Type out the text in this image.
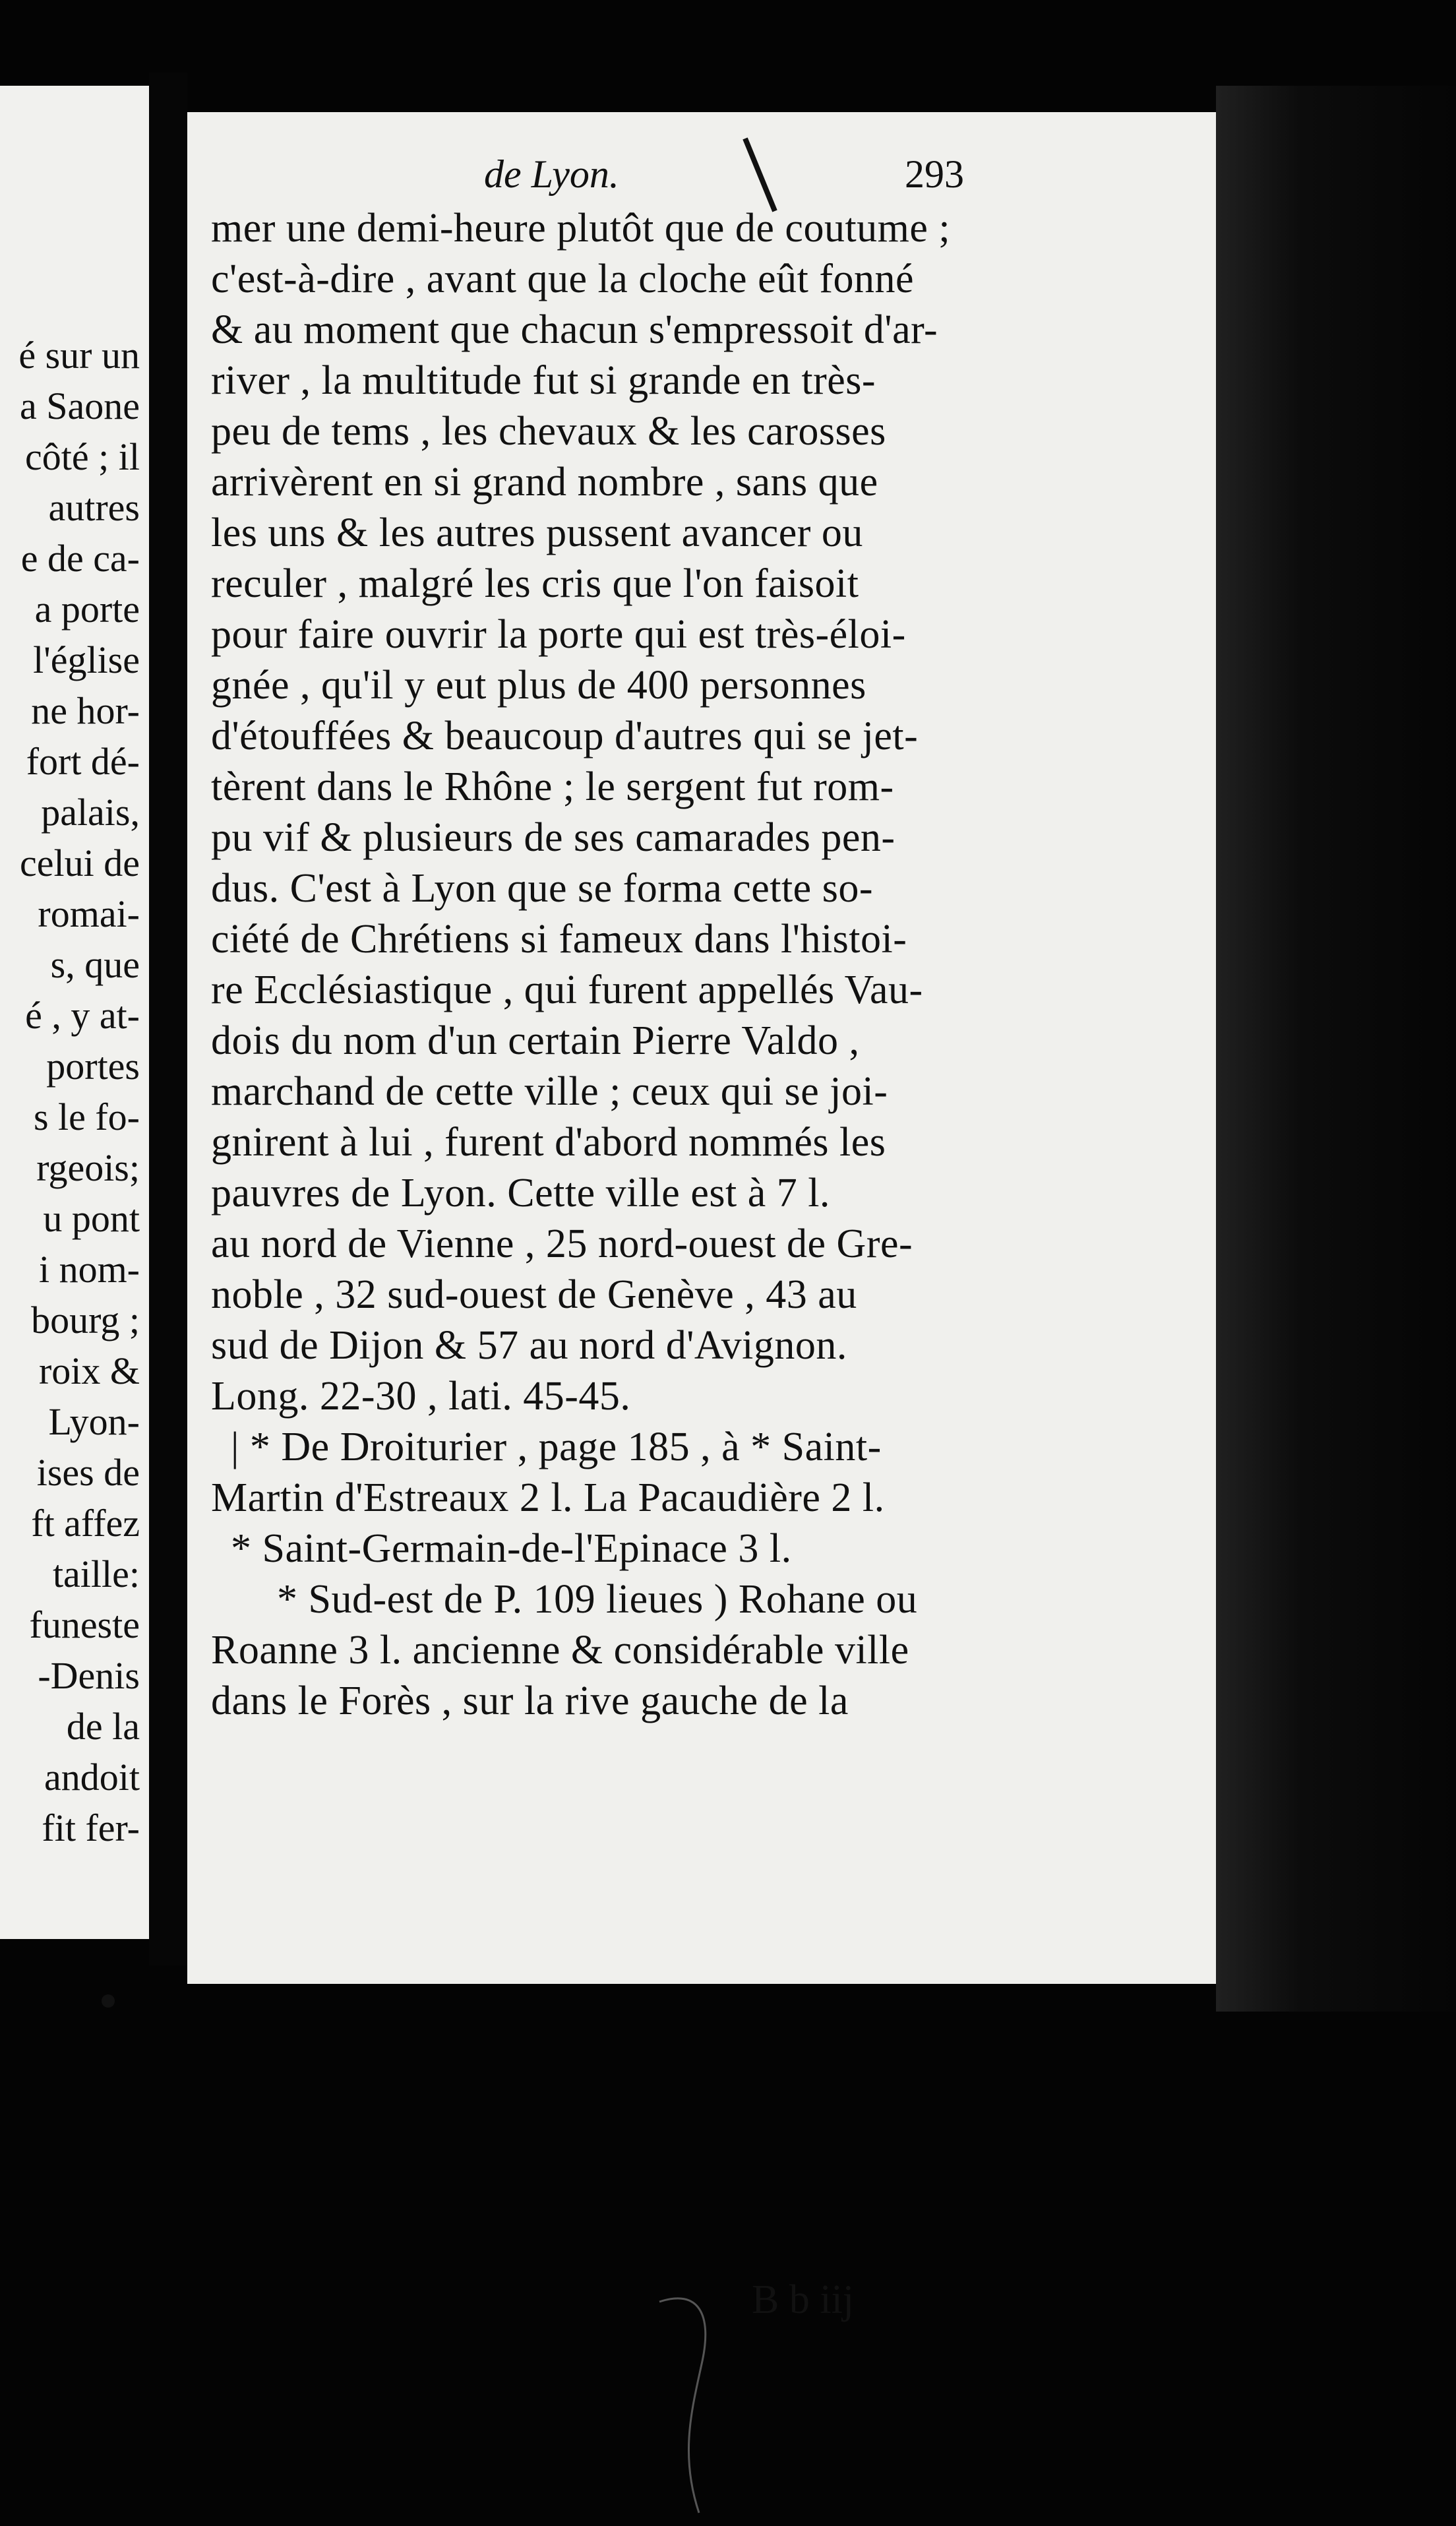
é sur un
a Saone
côté ; il
autres
e de ca-
a porte
l'église
ne hor-
fort dé-
palais,
celui de
romai-
s, que
é , y at-
portes
s le fo-
rgeois;
u pont
i nom-
bourg ;
roix &
Lyon-
ises de
ft affez
taille:
funeste
-Denis
de la
andoit
fit fer-
de Lyon.	293
mer une demi-heure plutôt que de coutume ;
c'est-à-dire , avant que la cloche eût fonné
& au moment que chacun s'empressoit d'ar-
river , la multitude fut si grande en très-
peu de tems , les chevaux & les carosses
arrivèrent en si grand nombre , sans que
les uns & les autres pussent avancer ou
reculer , malgré les cris que l'on faisoit
pour faire ouvrir la porte qui est très-éloi-
gnée , qu'il y eut plus de 400 personnes
d'étouffées & beaucoup d'autres qui se jet-
tèrent dans le Rhône ; le sergent fut rom-
pu vif & plusieurs de ses camarades pen-
dus. C'est à Lyon que se forma cette so-
ciété de Chrétiens si fameux dans l'histoi-
re Ecclésiastique , qui furent appellés Vau-
dois du nom d'un certain Pierre Valdo ,
marchand de cette ville ; ceux qui se joi-
gnirent à lui , furent d'abord nommés les
pauvres de Lyon. Cette ville est à 7 l.
au nord de Vienne , 25 nord-ouest de Gre-
noble , 32 sud-ouest de Genève , 43 au
sud de Dijon & 57 au nord d'Avignon.
Long. 22-30 , lati. 45-45.
| * De Droiturier , page 185 , à * Saint-
Martin d'Estreaux 2 l. La Pacaudière 2 l.
* Saint-Germain-de-l'Epinace 3 l.
* Sud-est de P. 109 lieues ) Rohane ou
Roanne 3 l. ancienne & considérable ville
dans le Forès , sur la rive gauche de la
B b iij
